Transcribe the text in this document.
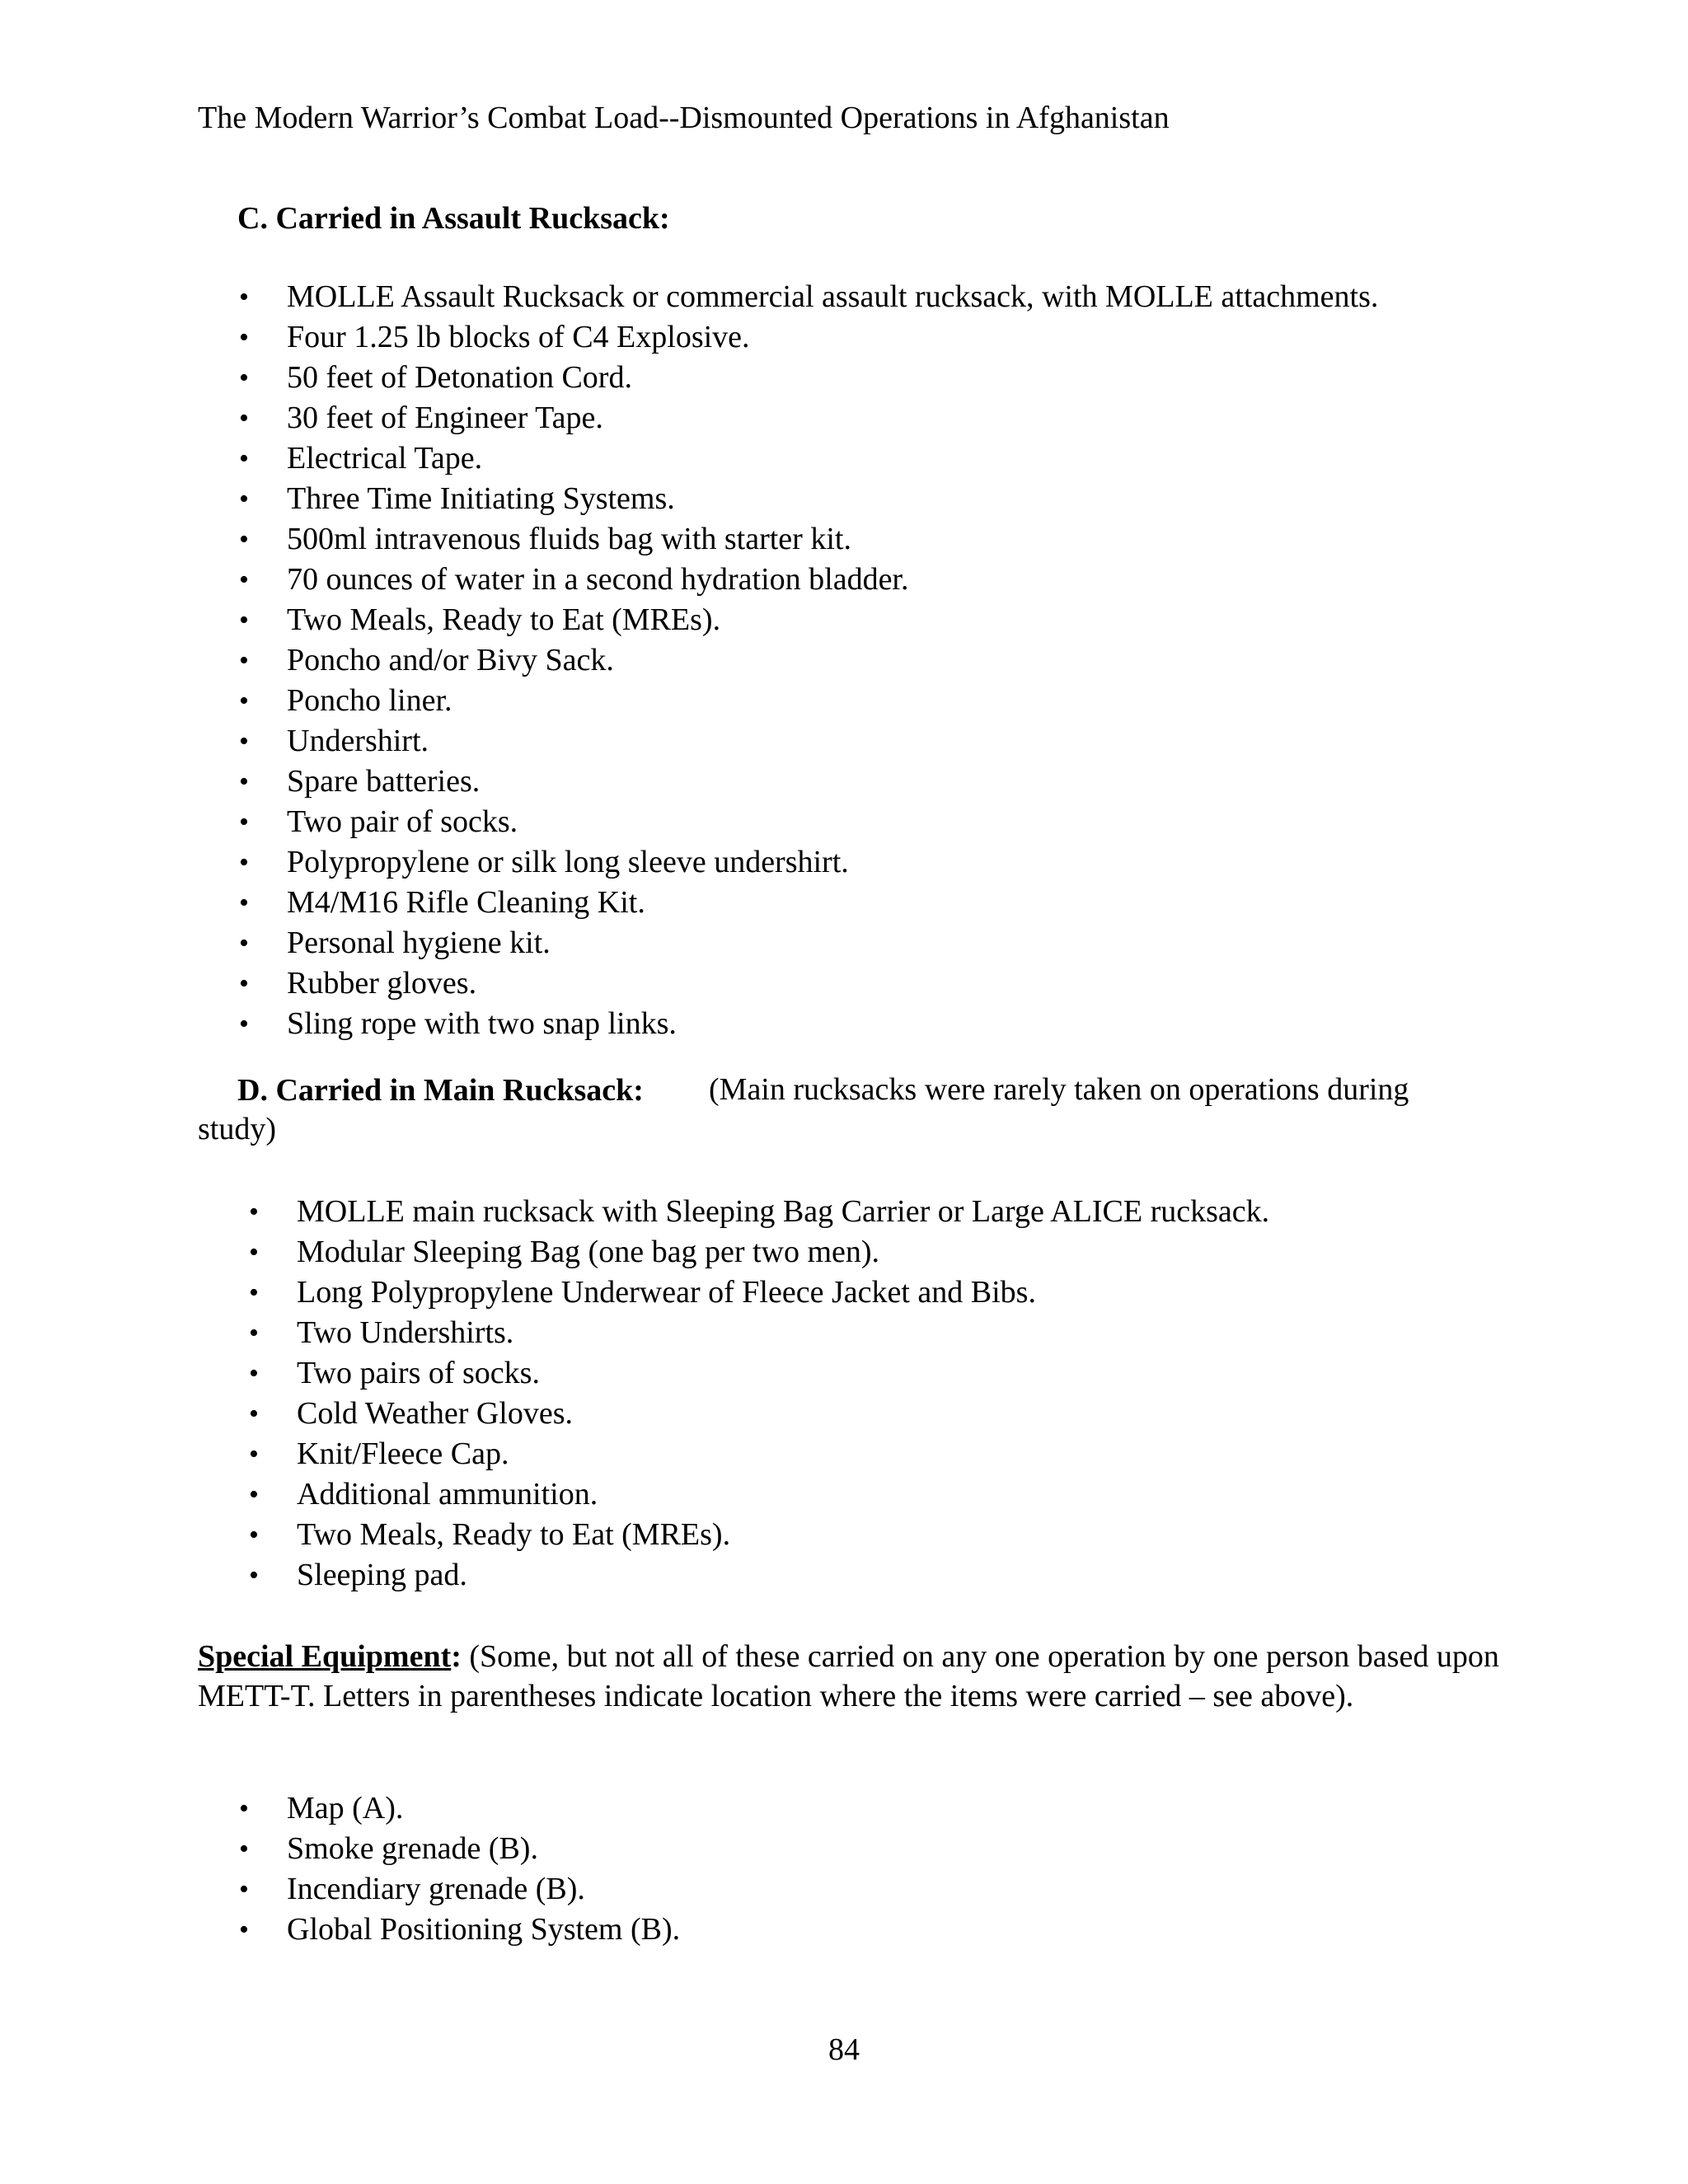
The Modern Warrior’s Combat Load--Dismounted Operations in Afghanistan
C. Carried in Assault Rucksack:
• MOLLE Assault Rucksack or commercial assault rucksack, with MOLLE attachments.
• Four 1.25 lb blocks of C4 Explosive.
• 50 feet of Detonation Cord.
• 30 feet of Engineer Tape.
• Electrical Tape.
• Three Time Initiating Systems.
• 500ml intravenous fluids bag with starter kit.
• 70 ounces of water in a second hydration bladder.
• Two Meals, Ready to Eat (MREs).
• Poncho and/or Bivy Sack.
• Poncho liner.
• Undershirt.
• Spare batteries.
• Two pair of socks.
• Polypropylene or silk long sleeve undershirt.
• M4/M16 Rifle Cleaning Kit.
• Personal hygiene kit.
• Rubber gloves.
• Sling rope with two snap links.
D. Carried in Main Rucksack:	(Main rucksacks were rarely taken on operations during study)
• MOLLE main rucksack with Sleeping Bag Carrier or Large ALICE rucksack.
• Modular Sleeping Bag (one bag per two men).
• Long Polypropylene Underwear of Fleece Jacket and Bibs.
• Two Undershirts.
• Two pairs of socks.
• Cold Weather Gloves.
• Knit/Fleece Cap.
• Additional ammunition.
• Two Meals, Ready to Eat (MREs).
• Sleeping pad.
Special Equipment: (Some, but not all of these carried on any one operation by one person based upon METT-T. Letters in parentheses indicate location where the items were carried – see above).
• Map (A).
• Smoke grenade (B).
• Incendiary grenade (B).
• Global Positioning System (B).
84
